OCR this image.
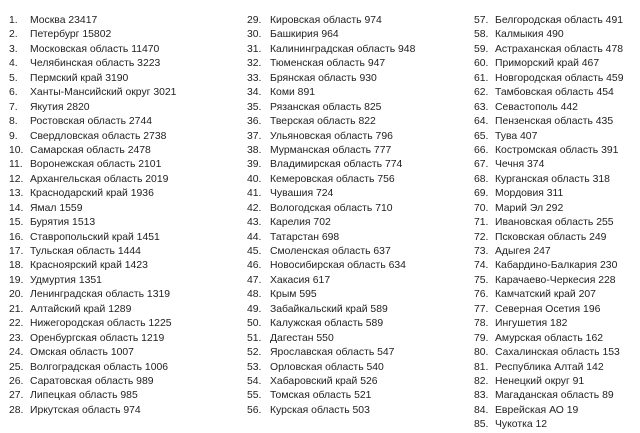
1. Москва 23417
2. Петербург 15802
3. Московская область 11470
4. Челябинская область 3223
5. Пермский край 3190
6. Ханты-Мансийский округ 3021
7. Якутия 2820
8. Ростовская область 2744
9. Свердловская область 2738
10. Самарская область 2478
11. Воронежская область 2101
12. Архангельская область 2019
13. Краснодарский край 1936
14. Ямал 1559
15. Бурятия 1513
16. Ставропольский край 1451
17. Тульская область 1444
18. Красноярский край 1423
19. Удмуртия 1351
20. Ленинградская область 1319
21. Алтайский край 1289
22. Нижегородская область 1225
23. Оренбургская область 1219
24. Омская область 1007
25. Волгоградская область 1006
26. Саратовская область 989
27. Липецкая область 985
28. Иркутская область 974
29. Кировская область 974
30. Башкирия 964
31. Калининградская область 948
32. Тюменская область 947
33. Брянская область 930
34. Коми 891
35. Рязанская область 825
36. Тверская область 822
37. Ульяновская область 796
38. Мурманская область 777
39. Владимирская область 774
40. Кемеровская область 756
41. Чувашия 724
42. Вологодская область 710
43. Карелия 702
44. Татарстан 698
45. Смоленская область 637
46. Новосибирская область 634
47. Хакасия 617
48. Крым 595
49. Забайкальский край 589
50. Калужская область 589
51. Дагестан 550
52. Ярославская область 547
53. Орловская область 540
54. Хабаровский край 526
55. Томская область 521
56. Курская область 503
57. Белгородская область 491
58. Калмыкия 490
59. Астраханская область 478
60. Приморский край 467
61. Новгородская область 459
62. Тамбовская область 454
63. Севастополь 442
64. Пензенская область 435
65. Тува 407
66. Костромская область 391
67. Чечня 374
68. Курганская область 318
69. Мордовия 311
70. Марий Эл 292
71. Ивановская область 255
72. Псковская область 249
73. Адыгея 247
74. Кабардино-Балкария 230
75. Карачаево-Черкесия 228
76. Камчатский край 207
77. Северная Осетия 196
78. Ингушетия 182
79. Амурская область 162
80. Сахалинская область 153
81. Республика Алтай 142
82. Ненецкий округ 91
83. Магаданская область 89
84. Еврейская АО 19
85. Чукотка 12
